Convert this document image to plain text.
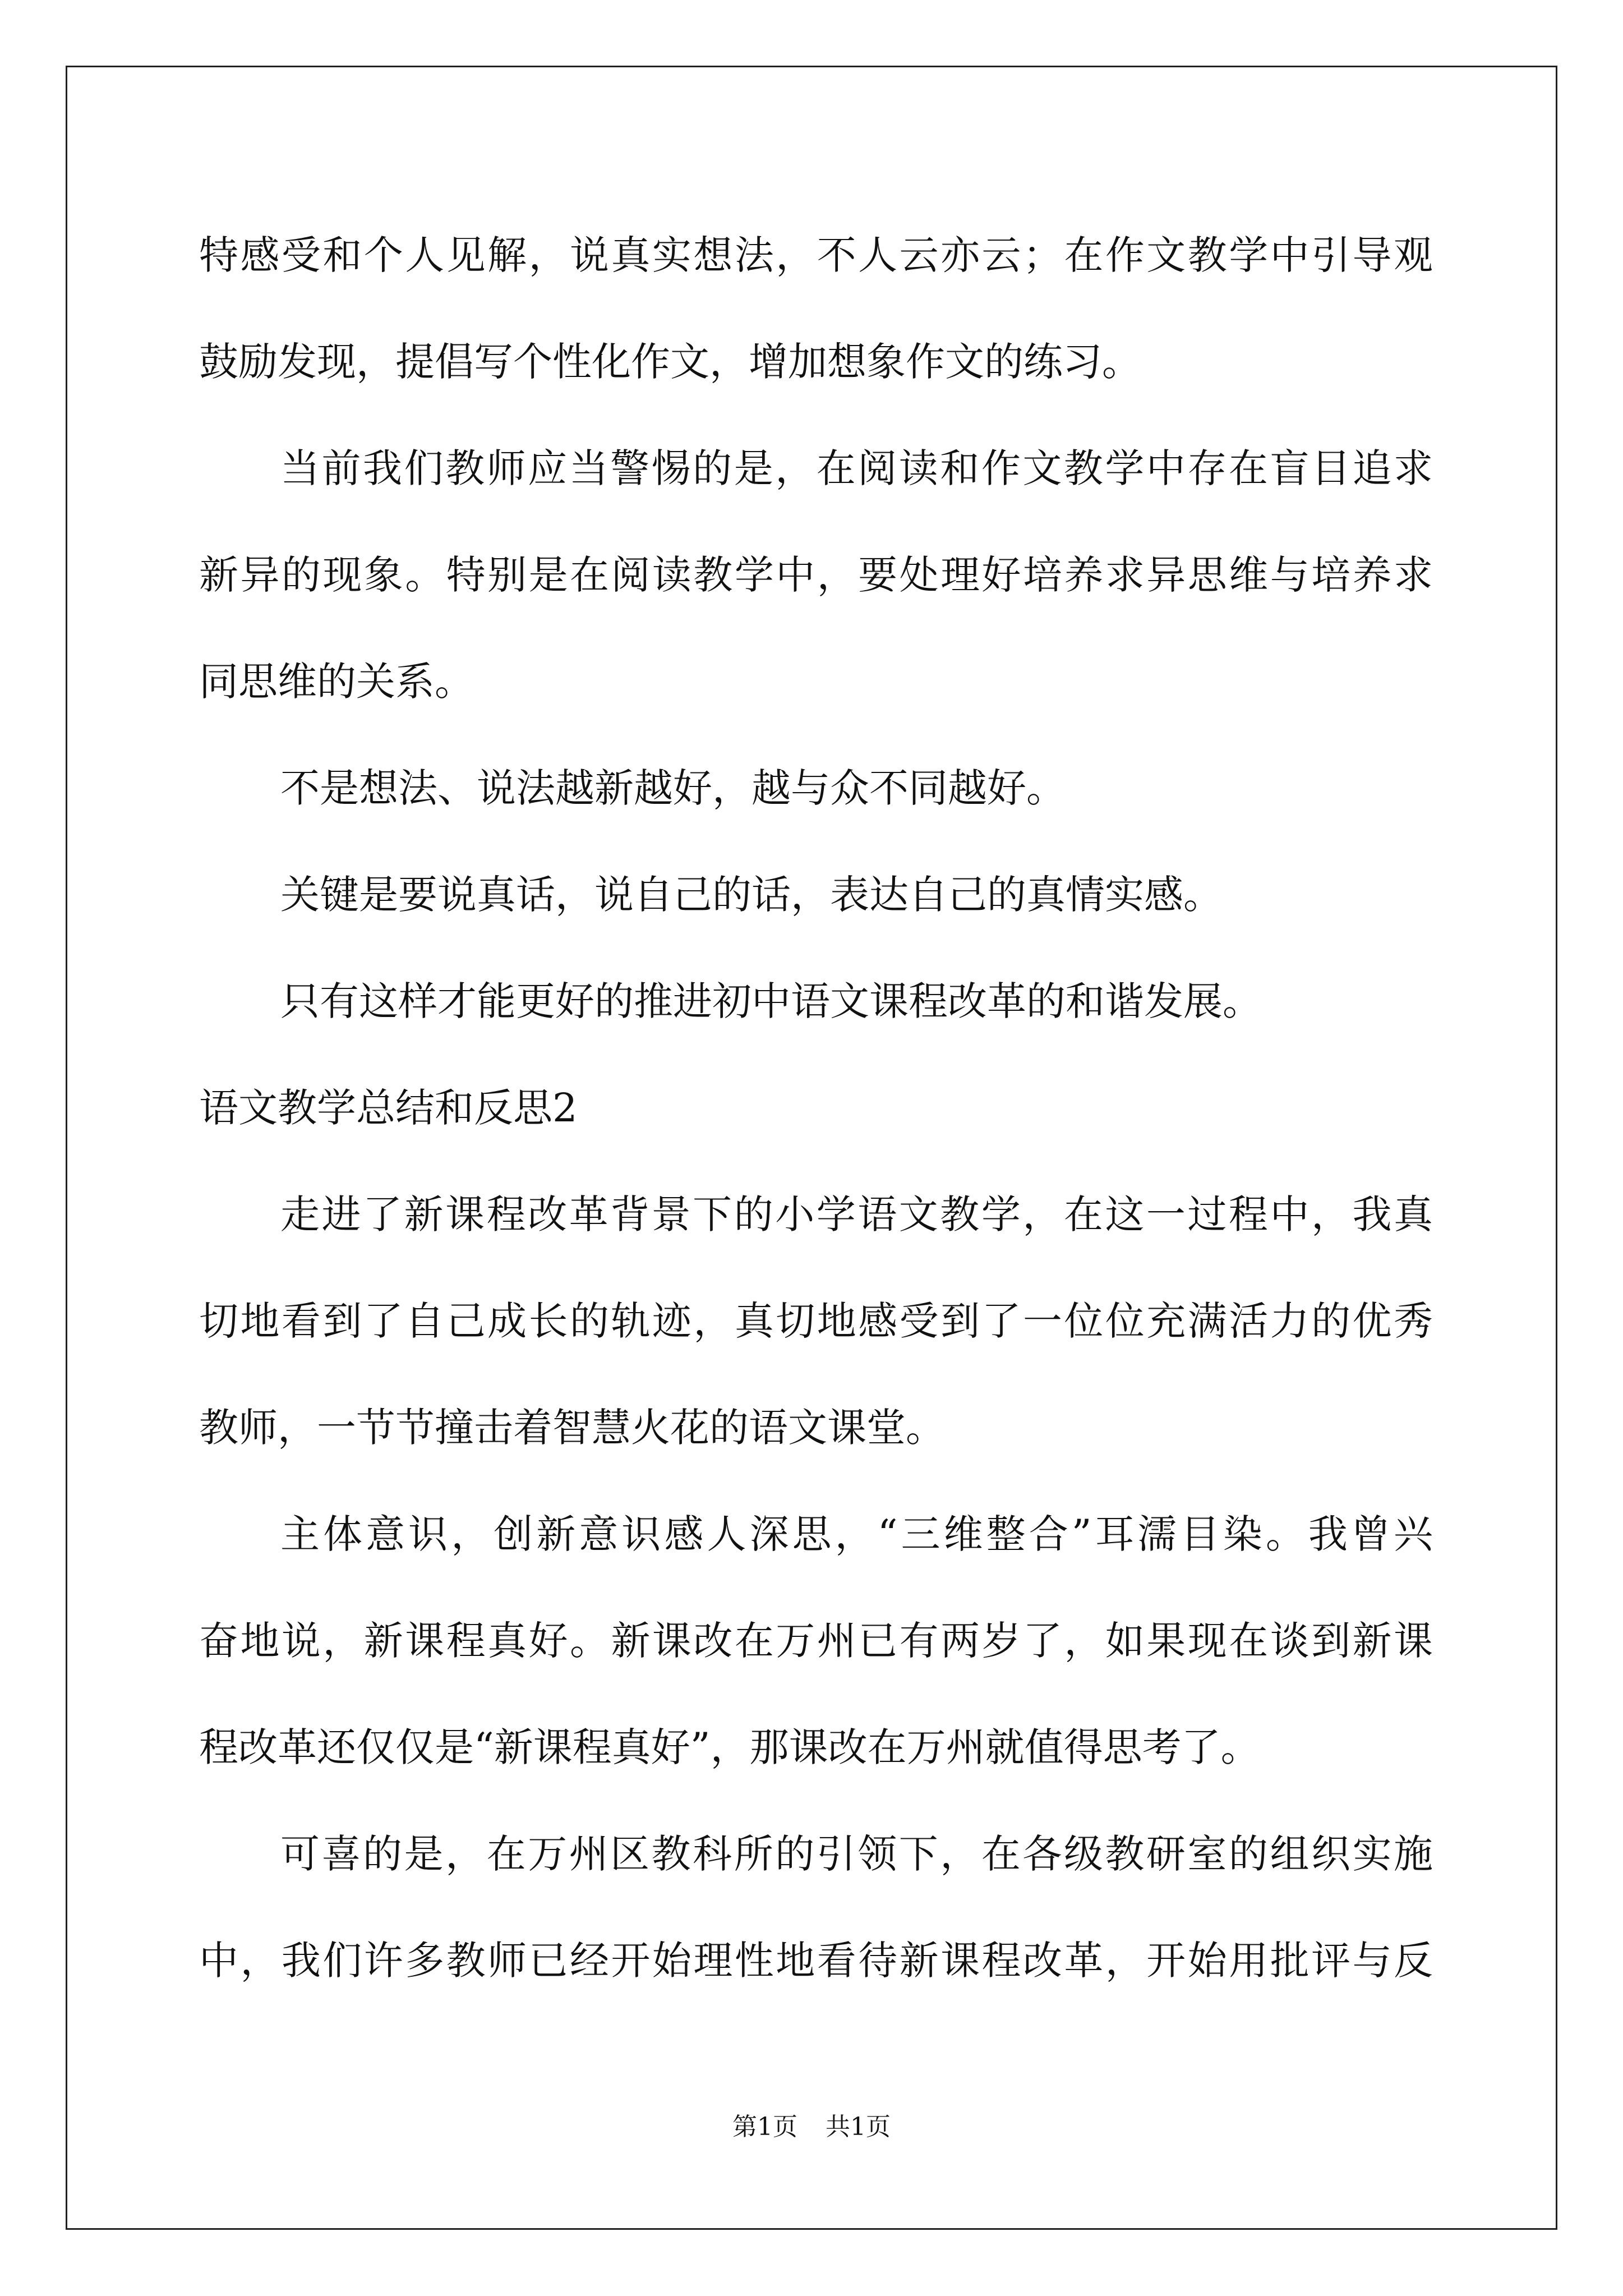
特感受和个人见解，说真实想法，不人云亦云；在作文教学中引导观
鼓励发现，提倡写个性化作文，增加想象作文的练习。
当前我们教师应当警惕的是，在阅读和作文教学中存在盲目追求
新异的现象。特别是在阅读教学中，要处理好培养求异思维与培养求
同思维的关系。
不是想法、说法越新越好，越与众不同越好。
关键是要说真话，说自己的话，表达自己的真情实感。
只有这样才能更好的推进初中语文课程改革的和谐发展。
语文教学总结和反思2
走进了新课程改革背景下的小学语文教学，在这一过程中，我真
切地看到了自己成长的轨迹，真切地感受到了一位位充满活力的优秀
教师，一节节撞击着智慧火花的语文课堂。
主体意识，创新意识感人深思，“三维整合”耳濡目染。我曾兴
奋地说，新课程真好。新课改在万州已有两岁了，如果现在谈到新课
程改革还仅仅是“新课程真好”，那课改在万州就值得思考了。
可喜的是，在万州区教科所的引领下，在各级教研室的组织实施
中，我们许多教师已经开始理性地看待新课程改革，开始用批评与反
第1页 共1页
